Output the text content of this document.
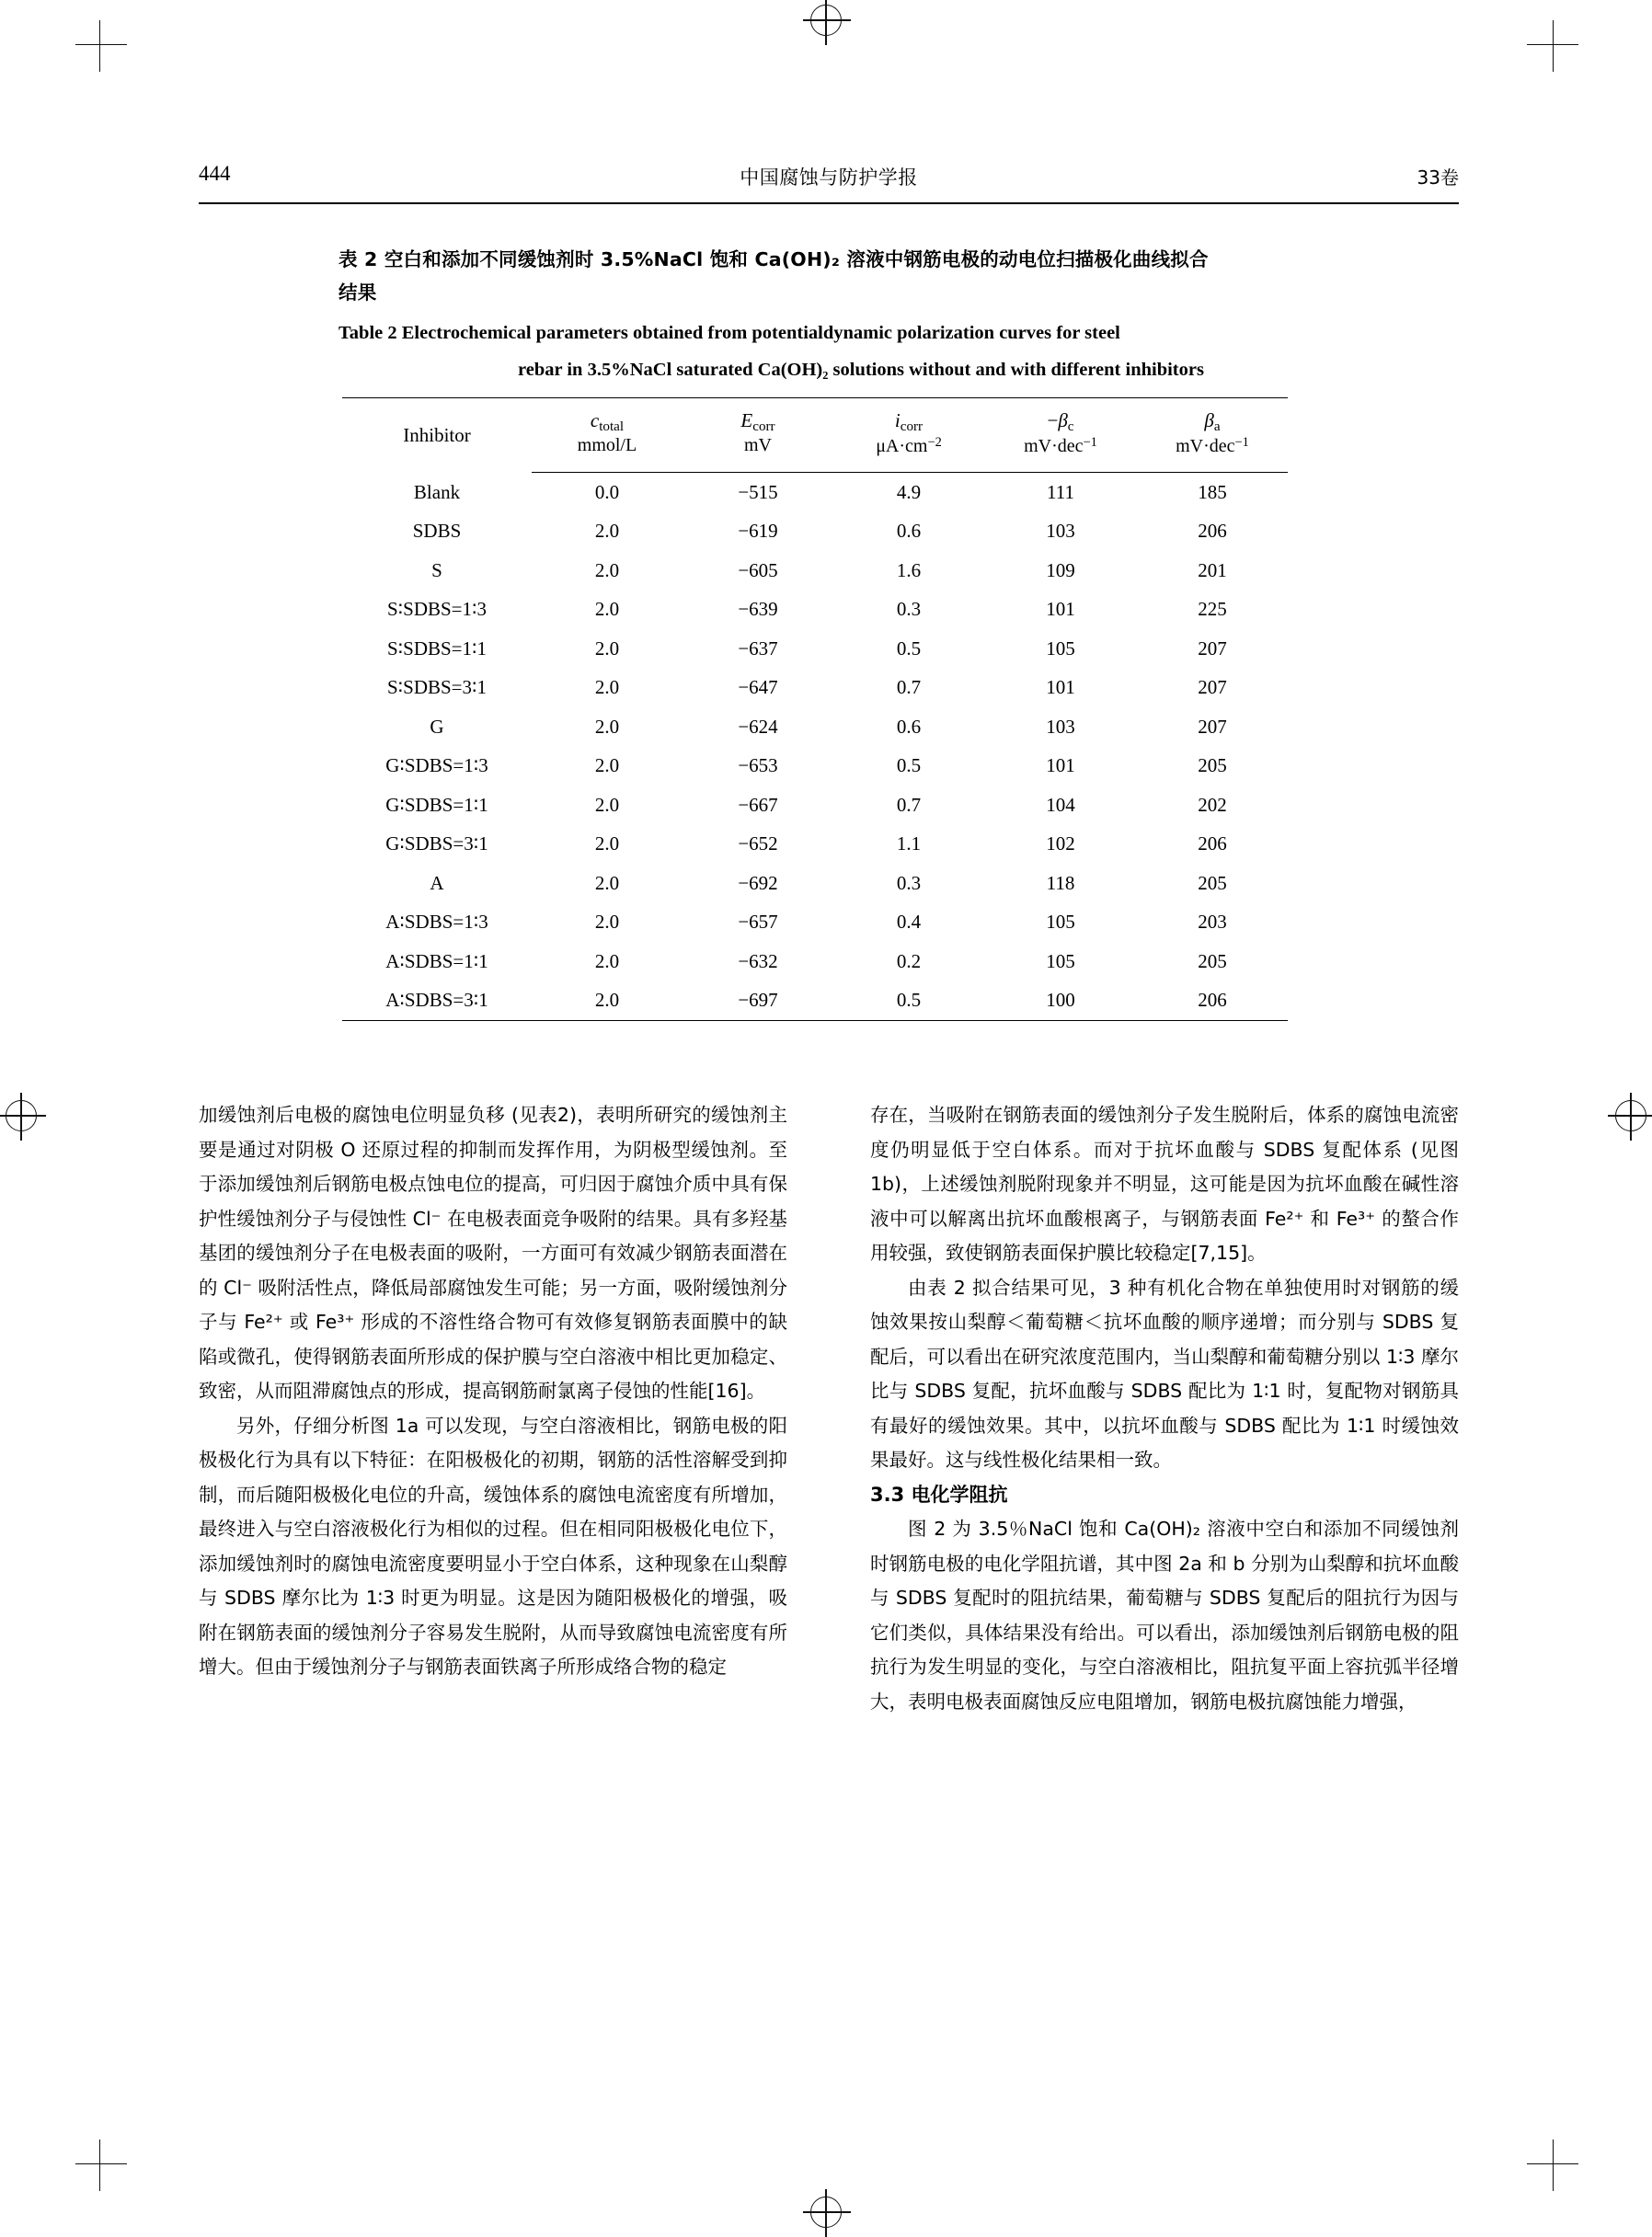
444	中国腐蚀与防护学报	33卷
表 2 空白和添加不同缓蚀剂时 3.5%NaCl 饱和 Ca(OH)₂ 溶液中钢筋电极的动电位扫描极化曲线拟合
结果
Table 2 Electrochemical parameters obtained from potentialdynamic polarization curves for steel
rebar in 3.5%NaCl saturated Ca(OH)₂ solutions without and with different inhibitors
Inhibitor	$c_{total}$	$E_{corr}$	$i_{corr}$	$-\beta_c$	$\beta_a$
	mmol/L	mV	$\mu A\cdot cm^{-2}$	mV·dec$^{-1}$	mV·dec$^{-1}$
Blank	0.0	−515	4.9	111	185
SDBS	2.0	−619	0.6	103	206
S	2.0	−605	1.6	109	201
S∶SDBS=1∶3	2.0	−639	0.3	101	225
S∶SDBS=1∶1	2.0	−637	0.5	105	207
S∶SDBS=3∶1	2.0	−647	0.7	101	207
G	2.0	−624	0.6	103	207
G∶SDBS=1∶3	2.0	−653	0.5	101	205
G∶SDBS=1∶1	2.0	−667	0.7	104	202
G∶SDBS=3∶1	2.0	−652	1.1	102	206
A	2.0	−692	0.3	118	205
A∶SDBS=1∶3	2.0	−657	0.4	105	203
A∶SDBS=1∶1	2.0	−632	0.2	105	205
A∶SDBS=3∶1	2.0	−697	0.5	100	206

加缓蚀剂后电极的腐蚀电位明显负移 (见表2)，表明所研究的缓蚀剂主要是通过对阴极 O 还原过程的抑制而发挥作用，为阴极型缓蚀剂。至于添加缓蚀剂后钢筋电极点蚀电位的提高，可归因于腐蚀介质中具有保护性缓蚀剂分子与侵蚀性 Cl⁻ 在电极表面竞争吸附的结果。具有多羟基基团的缓蚀剂分子在电极表面的吸附，一方面可有效减少钢筋表面潜在的 Cl⁻ 吸附活性点，降低局部腐蚀发生可能；另一方面，吸附缓蚀剂分子与 Fe²⁺ 或 Fe³⁺ 形成的不溶性络合物可有效修复钢筋表面膜中的缺陷或微孔，使得钢筋表面所形成的保护膜与空白溶液中相比更加稳定、致密，从而阻滞腐蚀点的形成，提高钢筋耐氯离子侵蚀的性能[16]。

另外，仔细分析图 1a 可以发现，与空白溶液相比，钢筋电极的阳极极化行为具有以下特征：在阳极极化的初期，钢筋的活性溶解受到抑制，而后随阳极极化电位的升高，缓蚀体系的腐蚀电流密度有所增加，最终进入与空白溶液极化行为相似的过程。但在相同阳极极化电位下，添加缓蚀剂时的腐蚀电流密度要明显小于空白体系，这种现象在山梨醇与 SDBS 摩尔比为 1∶3 时更为明显。这是因为随阳极极化的增强，吸附在钢筋表面的缓蚀剂分子容易发生脱附，从而导致腐蚀电流密度有所增大。但由于缓蚀剂分子与钢筋表面铁离子所形成络合物的稳定

存在，当吸附在钢筋表面的缓蚀剂分子发生脱附后，体系的腐蚀电流密度仍明显低于空白体系。而对于抗坏血酸与 SDBS 复配体系 (见图 1b)，上述缓蚀剂脱附现象并不明显，这可能是因为抗坏血酸在碱性溶液中可以解离出抗坏血酸根离子，与钢筋表面 Fe²⁺ 和 Fe³⁺ 的螯合作用较强，致使钢筋表面保护膜比较稳定[7,15]。

由表 2 拟合结果可见，3 种有机化合物在单独使用时对钢筋的缓蚀效果按山梨醇＜葡萄糖＜抗坏血酸的顺序递增；而分别与 SDBS 复配后，可以看出在研究浓度范围内，当山梨醇和葡萄糖分别以 1∶3 摩尔比与 SDBS 复配，抗坏血酸与 SDBS 配比为 1∶1 时，复配物对钢筋具有最好的缓蚀效果。其中，以抗坏血酸与 SDBS 配比为 1∶1 时缓蚀效果最好。这与线性极化结果相一致。

3.3 电化学阻抗

图 2 为 3.5％NaCl 饱和 Ca(OH)₂ 溶液中空白和添加不同缓蚀剂时钢筋电极的电化学阻抗谱，其中图 2a 和 b 分别为山梨醇和抗坏血酸与 SDBS 复配时的阻抗结果，葡萄糖与 SDBS 复配后的阻抗行为因与它们类似，具体结果没有给出。可以看出，添加缓蚀剂后钢筋电极的阻抗行为发生明显的变化，与空白溶液相比，阻抗复平面上容抗弧半径增大，表明电极表面腐蚀反应电阻增加，钢筋电极抗腐蚀能力增强，
